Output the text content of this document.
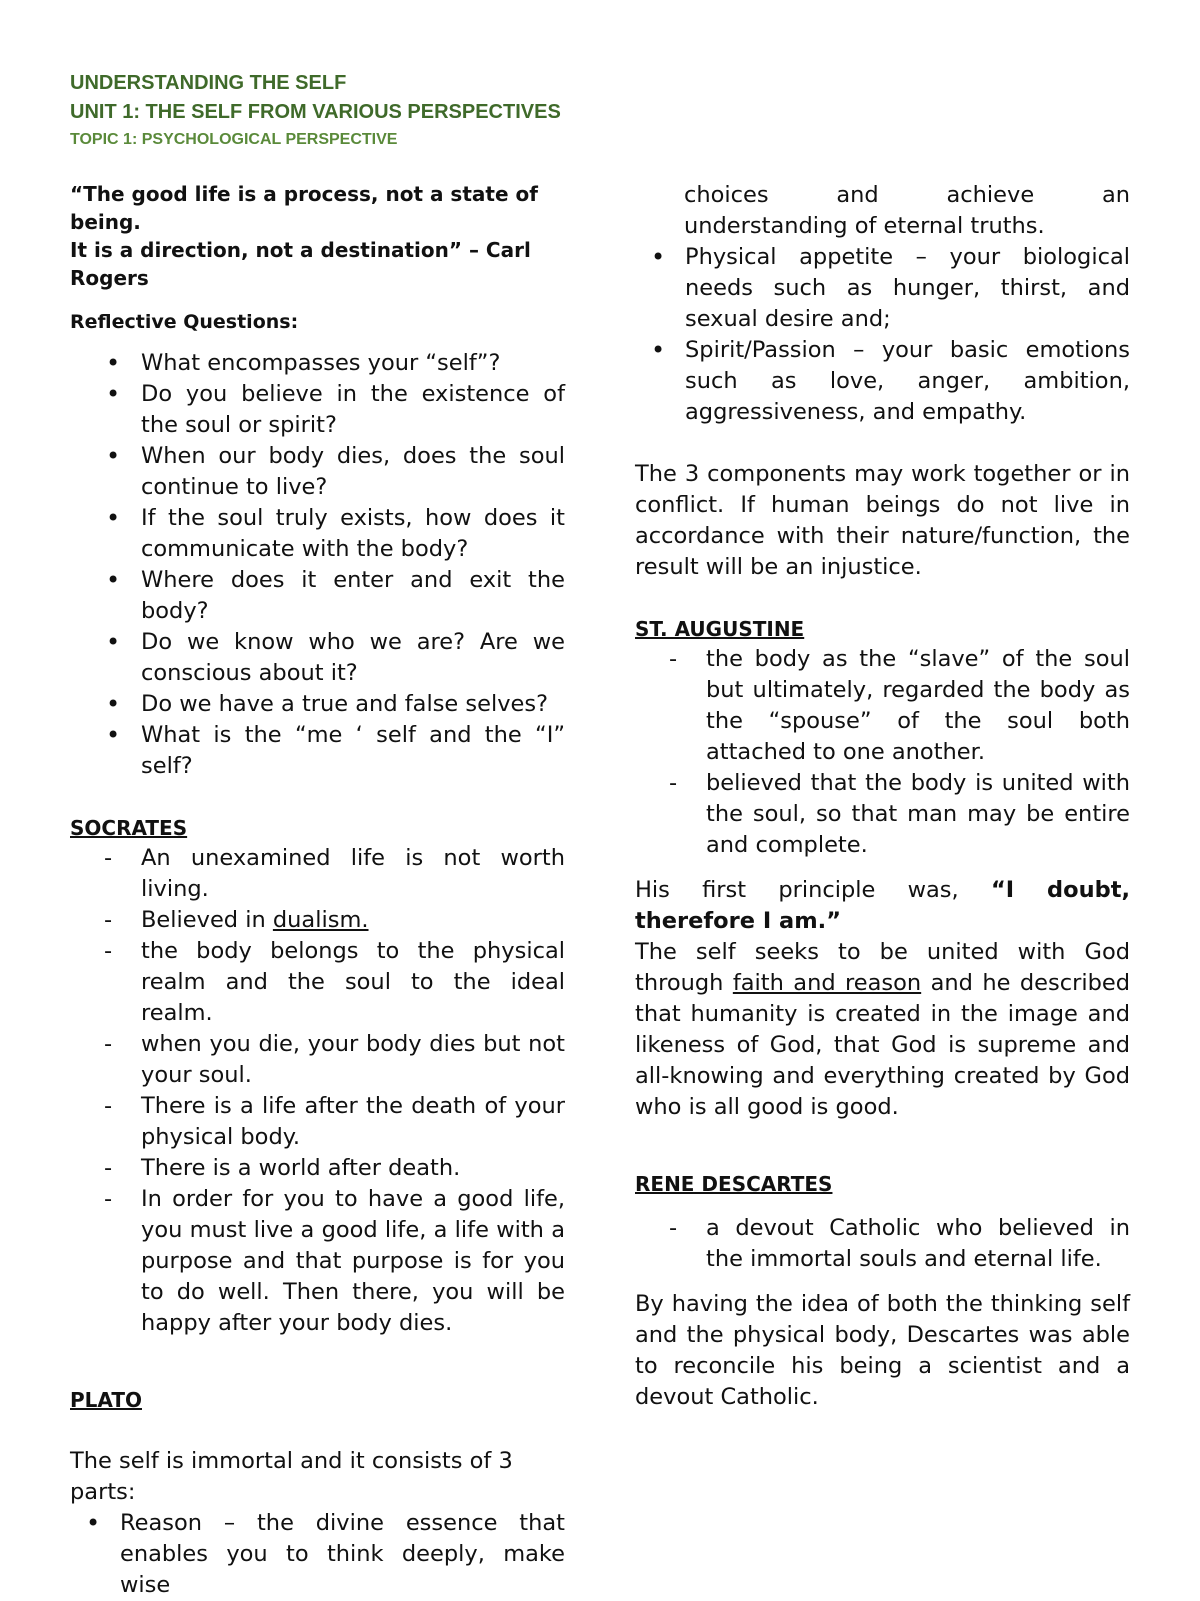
UNDERSTANDING THE SELF
UNIT 1: THE SELF FROM VARIOUS PERSPECTIVES
TOPIC 1: PSYCHOLOGICAL PERSPECTIVE
“The good life is a process, not a state of being.
It is a direction, not a destination” – Carl Rogers
Reflective Questions:
• What encompasses your “self”?
• Do you believe in the existence of the soul or spirit?
• When our body dies, does the soul continue to live?
• If the soul truly exists, how does it communicate with the body?
• Where does it enter and exit the body?
• Do we know who we are? Are we conscious about it?
• Do we have a true and false selves?
• What is the “me ‘ self and the “I” self?
SOCRATES
- An unexamined life is not worth living.
- Believed in dualism.
- the body belongs to the physical realm and the soul to the ideal realm.
- when you die, your body dies but not your soul.
- There is a life after the death of your physical body.
- There is a world after death.
- In order for you to have a good life, you must live a good life, a life with a purpose and that purpose is for you to do well. Then there, you will be happy after your body dies.
PLATO
The self is immortal and it consists of 3 parts:
• Reason – the divine essence that enables you to think deeply, make wise
choices and achieve an
understanding of eternal truths.
• Physical appetite – your biological needs such as hunger, thirst, and sexual desire and;
• Spirit/Passion – your basic emotions such as love, anger, ambition, aggressiveness, and empathy.
The 3 components may work together or in conflict. If human beings do not live in accordance with their nature/function, the result will be an injustice.
ST. AUGUSTINE
- the body as the “slave” of the soul but ultimately, regarded the body as the “spouse” of the soul both attached to one another.
- believed that the body is united with the soul, so that man may be entire and complete.
His first principle was, “I doubt, therefore I am.”
The self seeks to be united with God through faith and reason and he described that humanity is created in the image and likeness of God, that God is supreme and all-knowing and everything created by God who is all good is good.
RENE DESCARTES
- a devout Catholic who believed in the immortal souls and eternal life.
By having the idea of both the thinking self and the physical body, Descartes was able to reconcile his being a scientist and a devout Catholic.
